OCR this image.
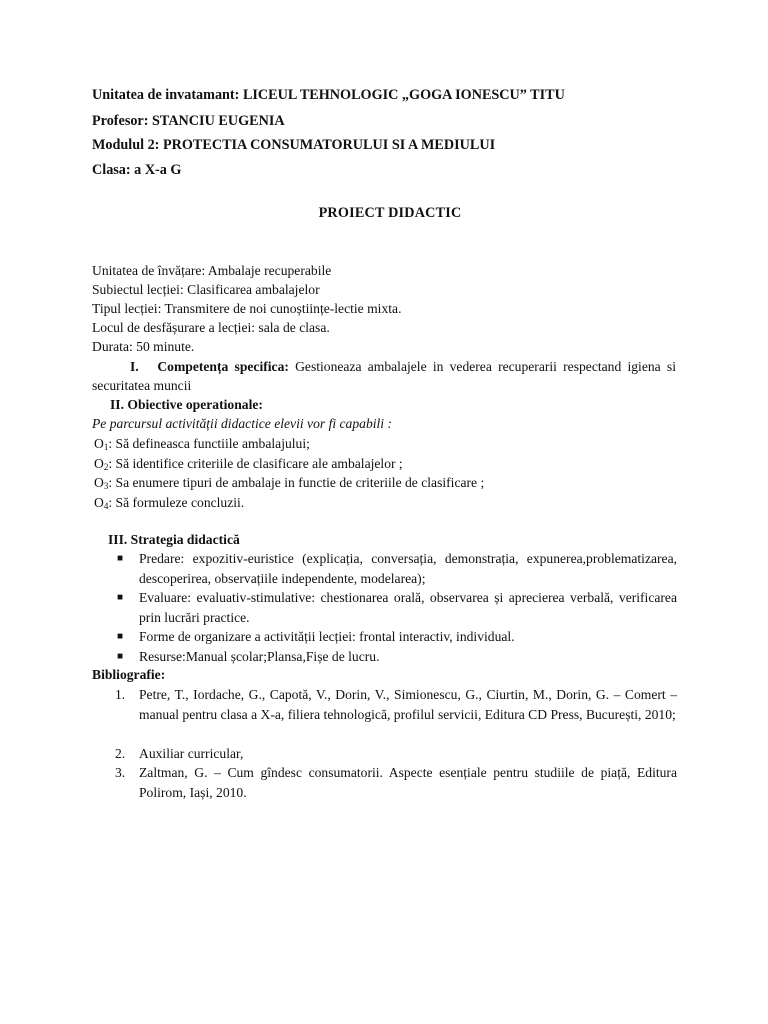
Unitatea de invatamant: LICEUL TEHNOLOGIC „GOGA IONESCU” TITU
Profesor: STANCIU EUGENIA
Modulul 2: PROTECTIA CONSUMATORULUI SI A MEDIULUI
Clasa: a X-a G
PROIECT DIDACTIC
Unitatea de învățare: Ambalaje recuperabile
Subiectul lecției: Clasificarea ambalajelor
Tipul lecției: Transmitere de noi cunoștiințe-lectie mixta.
Locul de desfășurare a lecției: sala de clasa.
Durata: 50 minute.
I. Competența specifica: Gestioneaza ambalajele in vederea recuperarii respectand igiena si securitatea muncii
II. Obiective operationale:
Pe parcursul activității didactice elevii vor fi capabili :
$O_1$: Să defineasca functiile ambalajului;
$O_2$: Să identifice criteriile de clasificare ale ambalajelor ;
$O_3$: Sa enumere tipuri de ambalaje in functie de criteriile de clasificare ;
$O_4$: Să formuleze concluzii.
III. Strategia didactică
■ Predare: expozitiv-euristice (explicația, conversația, demonstrația, expunerea,problematizarea, descoperirea, observațiile independente, modelarea);
■ Evaluare: evaluativ-stimulative: chestionarea orală, observarea și aprecierea verbală, verificarea prin lucrări practice.
■ Forme de organizare a activității lecției: frontal interactiv, individual.
■ Resurse:Manual școlar;Plansa,Fișe de lucru.
Bibliografie:
1. Petre, T., Iordache, G., Capotă, V., Dorin, V., Simionescu, G., Ciurtin, M., Dorin, G. – Comert – manual pentru clasa a X-a, filiera tehnologică, profilul servicii, Editura CD Press, București, 2010;
2. Auxiliar curricular,
3. Zaltman, G. – Cum gîndesc consumatorii. Aspecte esențiale pentru studiile de piață, Editura Polirom, Iași, 2010.
